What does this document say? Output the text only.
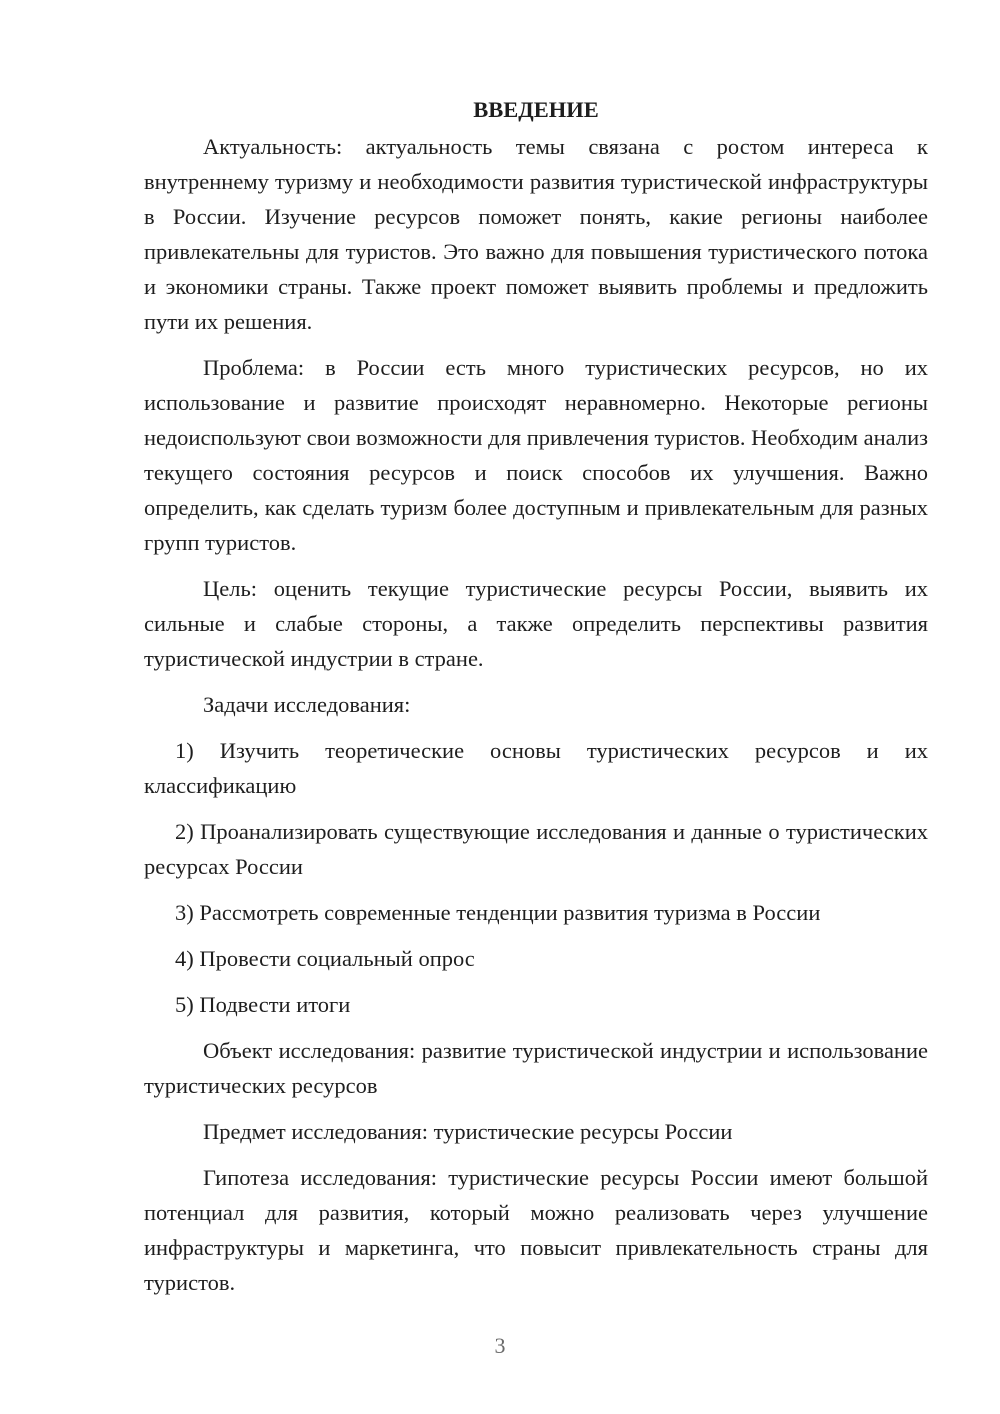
ВВЕДЕНИЕ

Актуальность: актуальность темы связана с ростом интереса к внутреннему туризму и необходимости развития туристической инфраструктуры в России. Изучение ресурсов поможет понять, какие регионы наиболее привлекательны для туристов. Это важно для повышения туристического потока и экономики страны. Также проект поможет выявить проблемы и предложить пути их решения.

Проблема: в России есть много туристических ресурсов, но их использование и развитие происходят неравномерно. Некоторые регионы недоиспользуют свои возможности для привлечения туристов. Необходим анализ текущего состояния ресурсов и поиск способов их улучшения. Важно определить, как сделать туризм более доступным и привлекательным для разных групп туристов.

Цель: оценить текущие туристические ресурсы России, выявить их сильные и слабые стороны, а также определить перспективы развития туристической индустрии в стране.

Задачи исследования:

1) Изучить теоретические основы туристических ресурсов и их классификацию

2) Проанализировать существующие исследования и данные о туристических ресурсах России

3) Рассмотреть современные тенденции развития туризма в России

4) Провести социальный опрос

5) Подвести итоги

Объект исследования: развитие туристической индустрии и использование туристических ресурсов

Предмет исследования: туристические ресурсы России

Гипотеза исследования: туристические ресурсы России имеют большой потенциал для развития, который можно реализовать через улучшение инфраструктуры и маркетинга, что повысит привлекательность страны для туристов.

3
